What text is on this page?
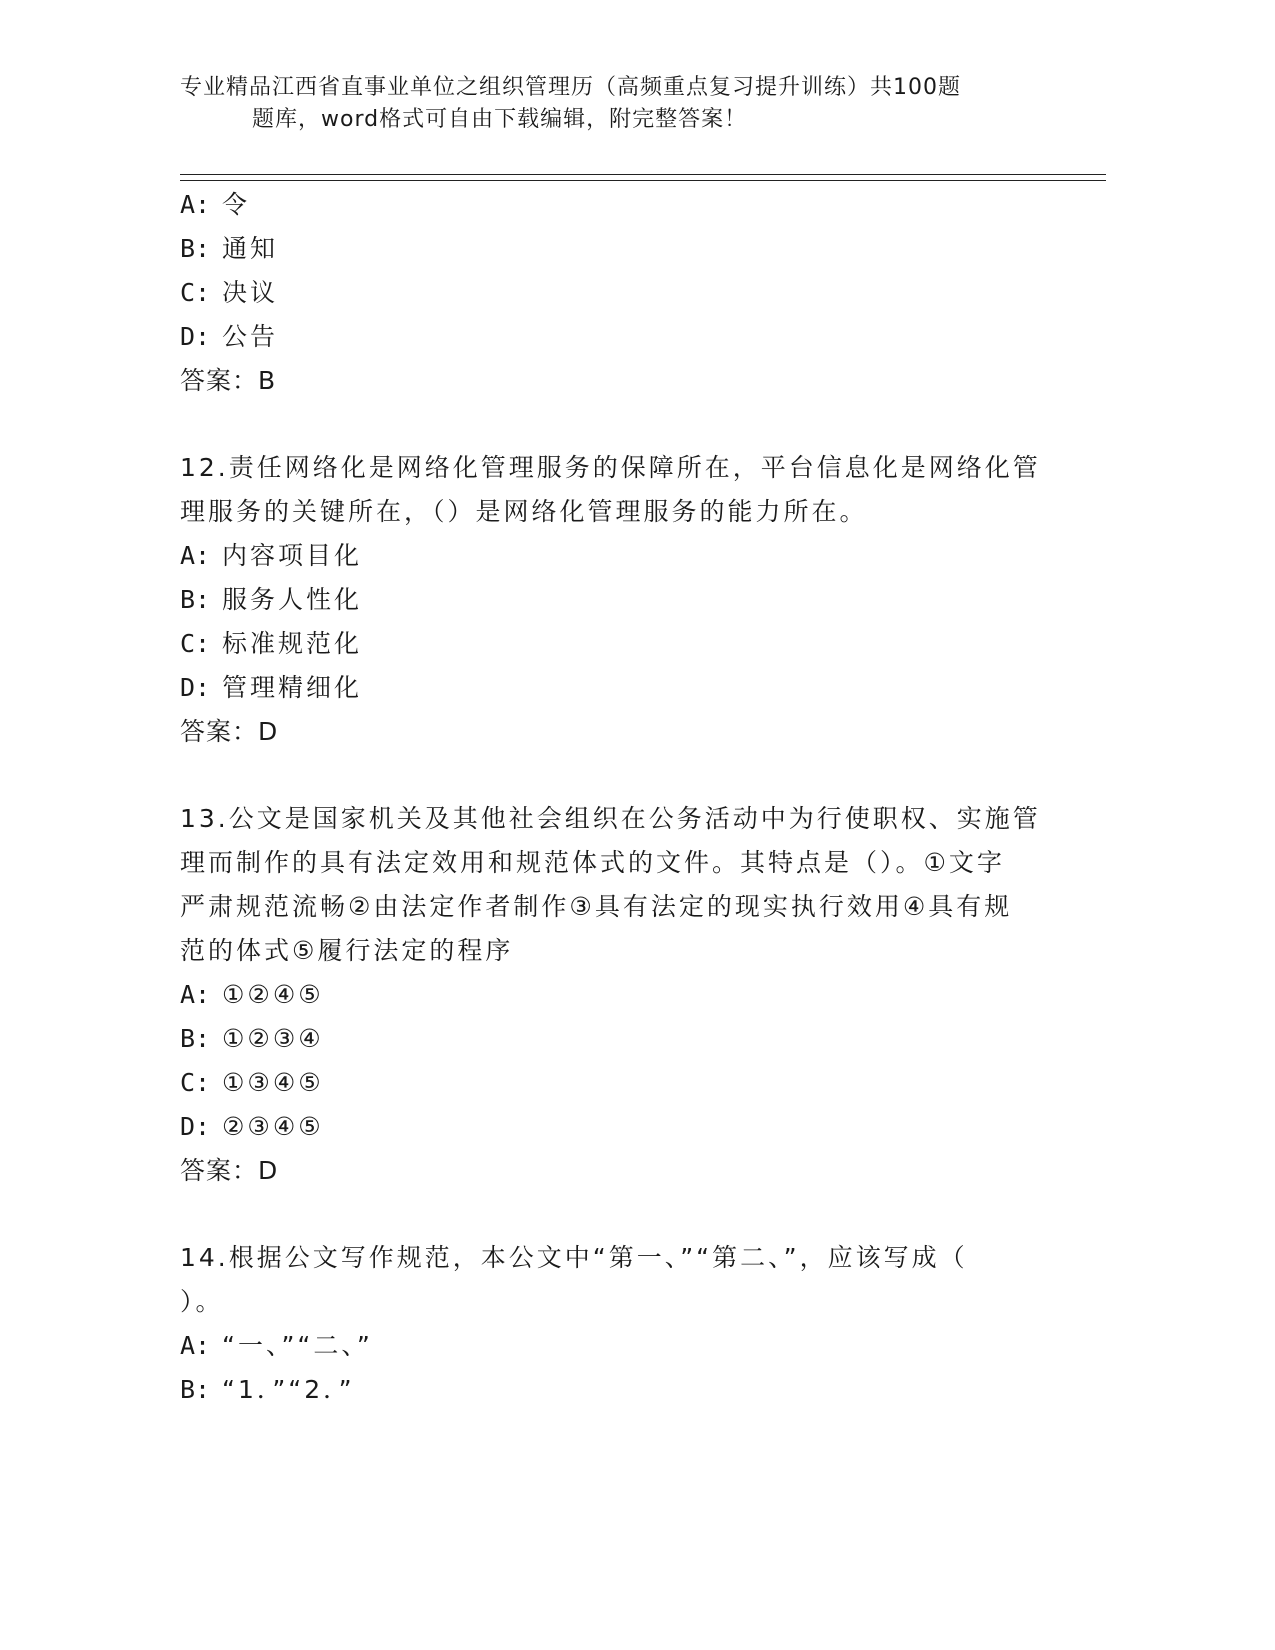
专业精品江西省直事业单位之组织管理历（高频重点复习提升训练）共100题
题库，word格式可自由下载编辑，附完整答案！
A: 令
B: 通知
C: 决议
D: 公告
答案：B
12.责任网络化是网络化管理服务的保障所在，平台信息化是网络化管
理服务的关键所在，（）是网络化管理服务的能力所在。
A: 内容项目化
B: 服务人性化
C: 标准规范化
D: 管理精细化
答案：D
13.公文是国家机关及其他社会组织在公务活动中为行使职权、实施管
理而制作的具有法定效用和规范体式的文件。其特点是（）。①文字
严肃规范流畅②由法定作者制作③具有法定的现实执行效用④具有规
范的体式⑤履行法定的程序
A: ①②④⑤
B: ①②③④
C: ①③④⑤
D: ②③④⑤
答案：D
14.根据公文写作规范，本公文中“第一、”“第二、”，应该写成（
）。
A: “一、”“二、”
B: “1．”“2．”
